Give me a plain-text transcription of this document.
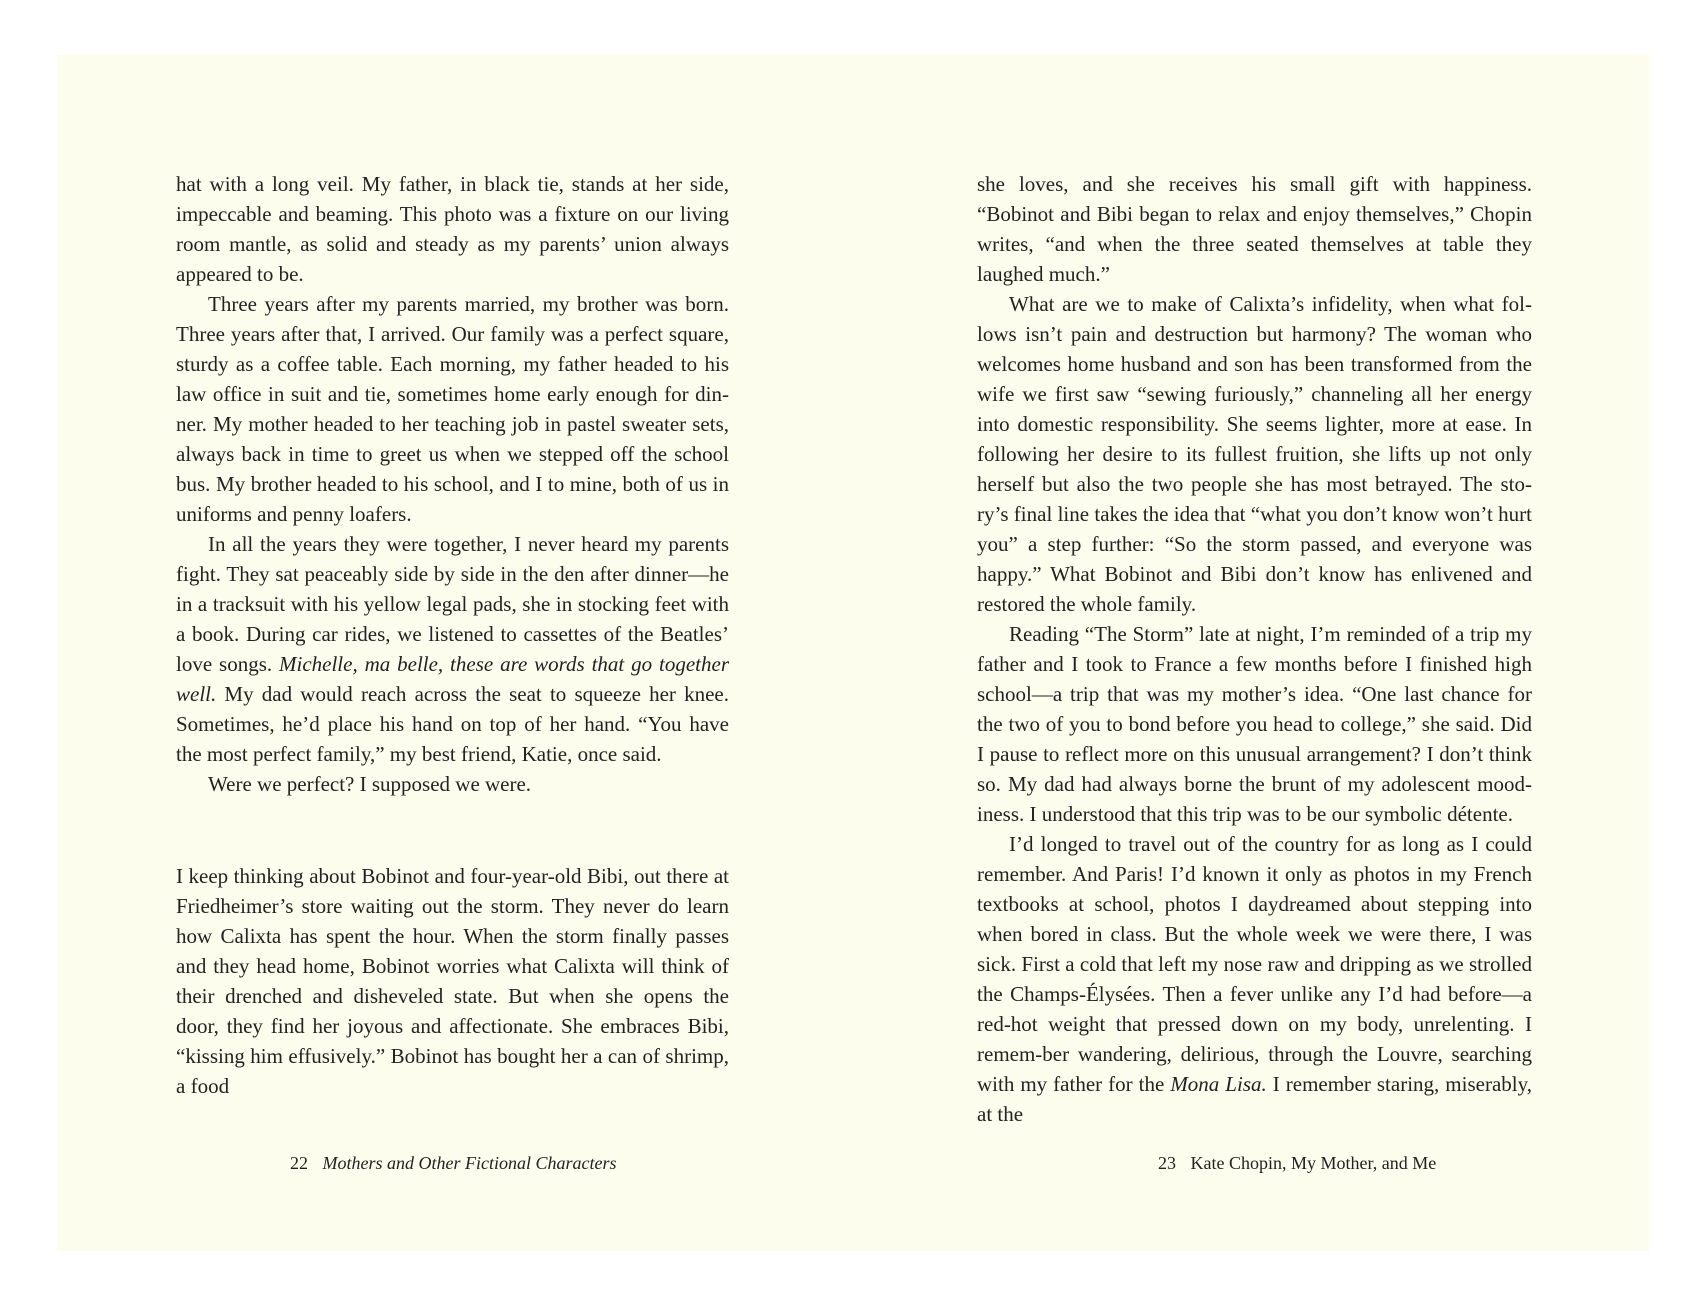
hat with a long veil. My father, in black tie, stands at her side, impeccable and beaming. This photo was a fixture on our living room mantle, as solid and steady as my parents’ union always appeared to be.

Three years after my parents married, my brother was born. Three years after that, I arrived. Our family was a perfect square, sturdy as a coffee table. Each morning, my father headed to his law office in suit and tie, sometimes home early enough for din-ner. My mother headed to her teaching job in pastel sweater sets, always back in time to greet us when we stepped off the school bus. My brother headed to his school, and I to mine, both of us in uniforms and penny loafers.

In all the years they were together, I never heard my parents fight. They sat peaceably side by side in the den after dinner—he in a tracksuit with his yellow legal pads, she in stocking feet with a book. During car rides, we listened to cassettes of the Beatles’ love songs. Michelle, ma belle, these are words that go together well. My dad would reach across the seat to squeeze her knee. Sometimes, he’d place his hand on top of her hand. “You have the most perfect family,” my best friend, Katie, once said.

Were we perfect? I supposed we were.

I keep thinking about Bobinot and four-year-old Bibi, out there at Friedheimer’s store waiting out the storm. They never do learn how Calixta has spent the hour. When the storm finally passes and they head home, Bobinot worries what Calixta will think of their drenched and disheveled state. But when she opens the door, they find her joyous and affectionate. She embraces Bibi, “kissing him effusively.” Bobinot has bought her a can of shrimp, a food

22 Mothers and Other Fictional Characters

she loves, and she receives his small gift with happiness. “Bobinot and Bibi began to relax and enjoy themselves,” Chopin writes, “and when the three seated themselves at table they laughed much.”

What are we to make of Calixta’s infidelity, when what fol-lows isn’t pain and destruction but harmony? The woman who welcomes home husband and son has been transformed from the wife we first saw “sewing furiously,” channeling all her energy into domestic responsibility. She seems lighter, more at ease. In following her desire to its fullest fruition, she lifts up not only herself but also the two people she has most betrayed. The sto-ry’s final line takes the idea that “what you don’t know won’t hurt you” a step further: “So the storm passed, and everyone was happy.” What Bobinot and Bibi don’t know has enlivened and restored the whole family.

Reading “The Storm” late at night, I’m reminded of a trip my father and I took to France a few months before I finished high school—a trip that was my mother’s idea. “One last chance for the two of you to bond before you head to college,” she said. Did I pause to reflect more on this unusual arrangement? I don’t think so. My dad had always borne the brunt of my adolescent mood-iness. I understood that this trip was to be our symbolic détente.

I’d longed to travel out of the country for as long as I could remember. And Paris! I’d known it only as photos in my French textbooks at school, photos I daydreamed about stepping into when bored in class. But the whole week we were there, I was sick. First a cold that left my nose raw and dripping as we strolled the Champs-Élysées. Then a fever unlike any I’d had before—a red-hot weight that pressed down on my body, unrelenting. I remem-ber wandering, delirious, through the Louvre, searching with my father for the Mona Lisa. I remember staring, miserably, at the

23 Kate Chopin, My Mother, and Me
